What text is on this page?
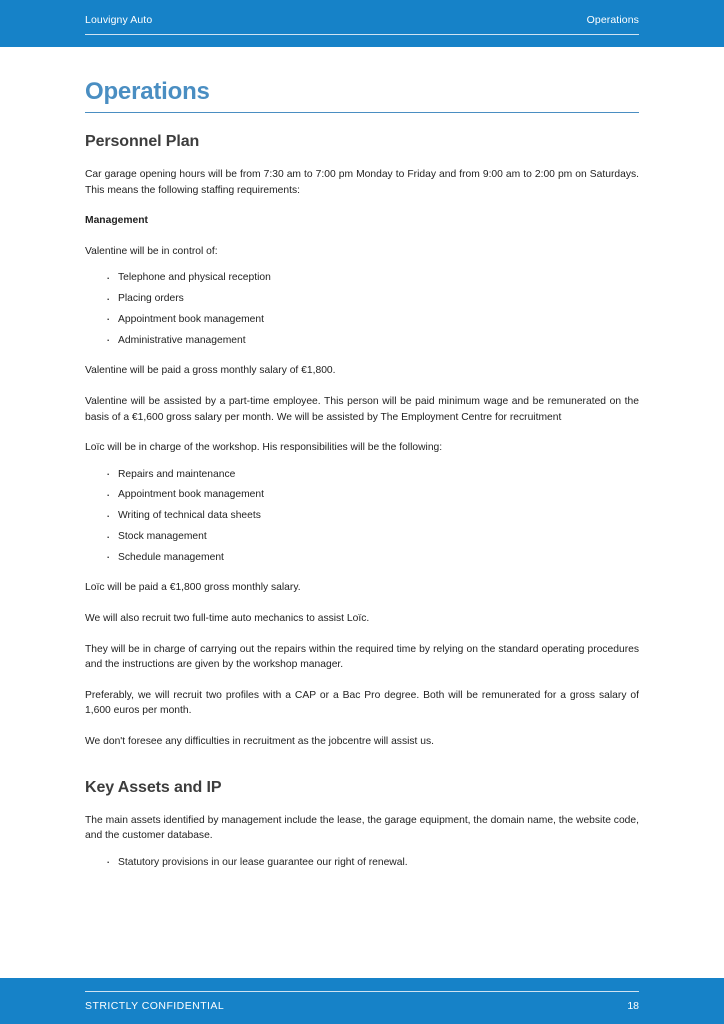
Louvigny Auto	Operations
Operations
Personnel Plan

Car garage opening hours will be from 7:30 am to 7:00 pm Monday to Friday and from 9:00 am to 2:00 pm on Saturdays. This means the following staffing requirements:

Management

Valentine will be in control of:

· Telephone and physical reception
· Placing orders
· Appointment book management
· Administrative management

Valentine will be paid a gross monthly salary of €1,800.

Valentine will be assisted by a part-time employee. This person will be paid minimum wage and be remunerated on the basis of a €1,600 gross salary per month. We will be assisted by The Employment Centre for recruitment

Loïc will be in charge of the workshop. His responsibilities will be the following:

· Repairs and maintenance
· Appointment book management
· Writing of technical data sheets
· Stock management
· Schedule management

Loïc will be paid a €1,800 gross monthly salary.

We will also recruit two full-time auto mechanics to assist Loïc.

They will be in charge of carrying out the repairs within the required time by relying on the standard operating procedures and the instructions are given by the workshop manager.

Preferably, we will recruit two profiles with a CAP or a Bac Pro degree. Both will be remunerated for a gross salary of 1,600 euros per month.

We don't foresee any difficulties in recruitment as the jobcentre will assist us.

Key Assets and IP

The main assets identified by management include the lease, the garage equipment, the domain name, the website code, and the customer database.

· Statutory provisions in our lease guarantee our right of renewal.
STRICTLY CONFIDENTIAL	18
